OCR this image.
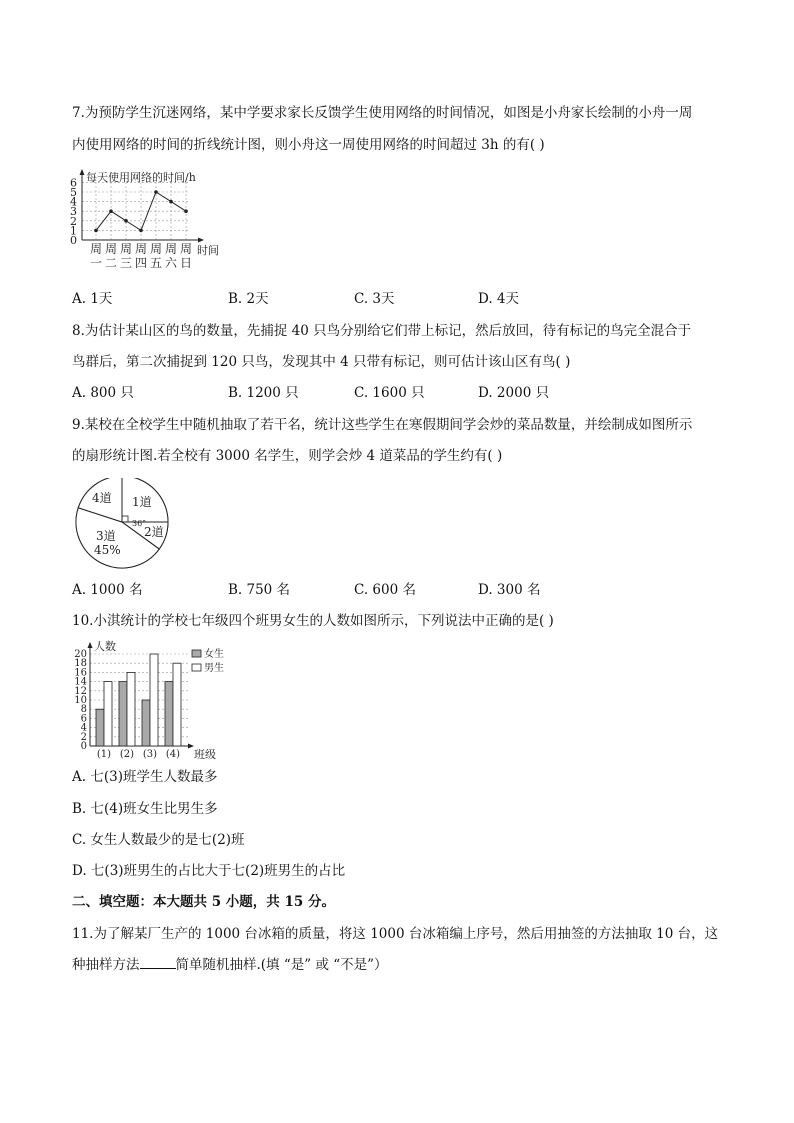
7.为预防学生沉迷网络，某中学要求家长反馈学生使用网络的时间情况，如图是小舟家长绘制的小舟一周
内使用网络的时间的折线统计图，则小舟这一周使用网络的时间超过 3h 的有( )
每天使用网络的时间/h
时间
0
1
2
3
4
5
6
周
一
周
二
周
三
周
四
周
五
周
六
周
日
A. 1天	B. 2天	C. 3天	D. 4天
8.为估计某山区的鸟的数量，先捕捉 40 只鸟分别给它们带上标记，然后放回，待有标记的鸟完全混合于
鸟群后，第二次捕捉到 120 只鸟，发现其中 4 只带有标记，则可估计该山区有鸟( )
A. 800 只	B. 1200 只	C. 1600 只	D. 2000 只
9.某校在全校学生中随机抽取了若干名，统计这些学生在寒假期间学会炒的菜品数量，并绘制成如图所示
的扇形统计图.若全校有 3000 名学生，则学会炒 4 道菜品的学生约有( )
4道 1道
2道
3道
45%
36°
A. 1000 名	B. 750 名	C. 600 名	D. 300 名
10.小淇统计的学校七年级四个班男女生的人数如图所示，下列说法中正确的是( )
人数
班级
0
2
4
6
8
10
12
14
16
18
20
(1) (2) (3) (4)
女生
男生
A. 七(3)班学生人数最多
B. 七(4)班女生比男生多
C. 女生人数最少的是七(2)班
D. 七(3)班男生的占比大于七(2)班男生的占比
二、填空题：本大题共 5 小题，共 15 分。
11.为了解某厂生产的 1000 台冰箱的质量，将这 1000 台冰箱编上序号，然后用抽签的方法抽取 10 台，这
种抽样方法	简单随机抽样.(填 “是” 或 “不是”）
